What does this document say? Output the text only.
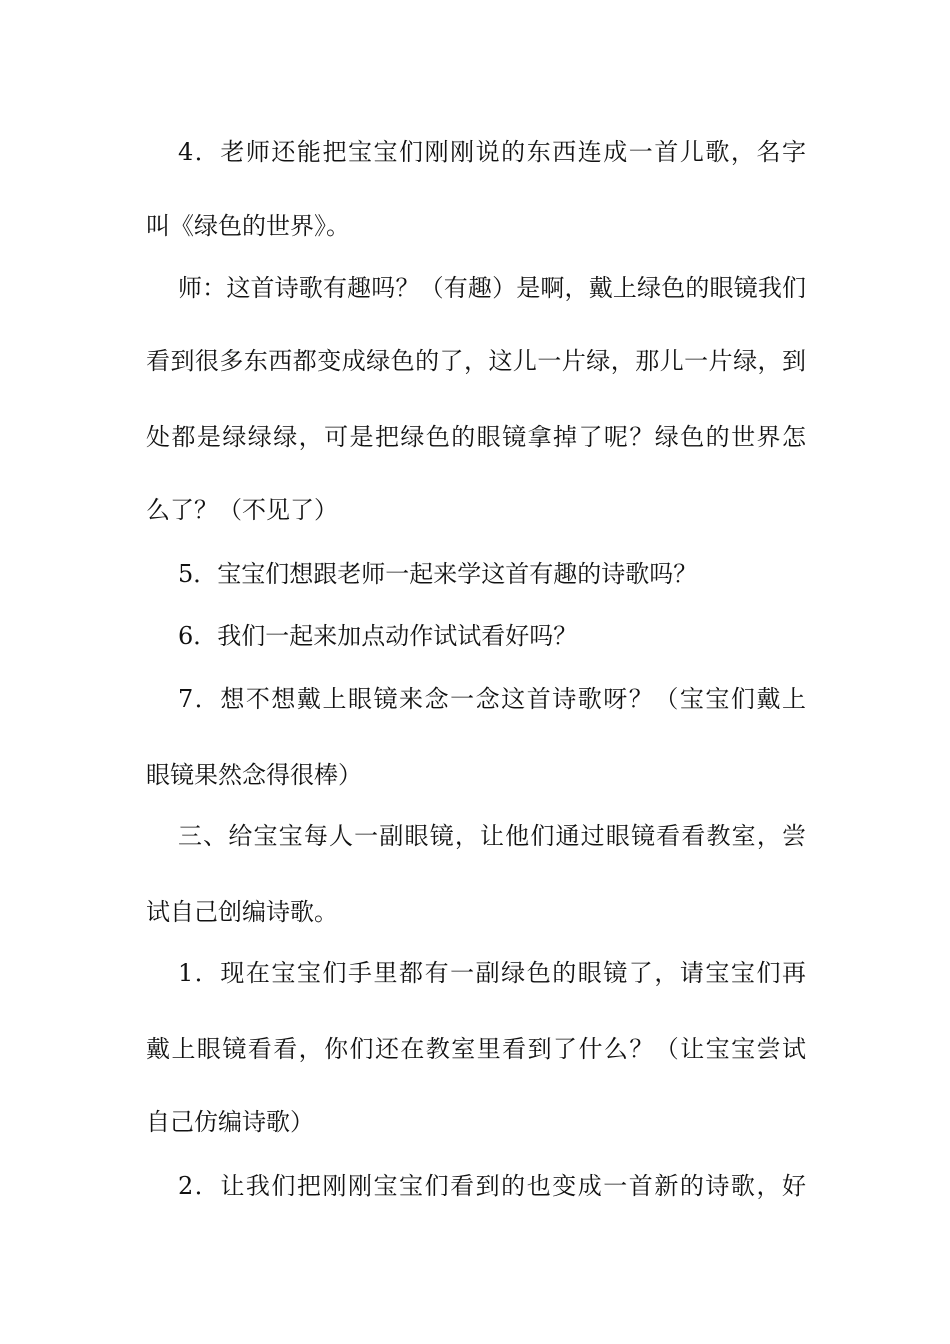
4．老师还能把宝宝们刚刚说的东西连成一首儿歌，名字
叫《绿色的世界》。
师：这首诗歌有趣吗？（有趣）是啊，戴上绿色的眼镜我们
看到很多东西都变成绿色的了，这儿一片绿，那儿一片绿，到
处都是绿绿绿，可是把绿色的眼镜拿掉了呢？绿色的世界怎
么了？（不见了）
5．宝宝们想跟老师一起来学这首有趣的诗歌吗？
6．我们一起来加点动作试试看好吗？
7．想不想戴上眼镜来念一念这首诗歌呀？（宝宝们戴上
眼镜果然念得很棒）
三、给宝宝每人一副眼镜，让他们通过眼镜看看教室，尝
试自己创编诗歌。
1．现在宝宝们手里都有一副绿色的眼镜了，请宝宝们再
戴上眼镜看看，你们还在教室里看到了什么？（让宝宝尝试
自己仿编诗歌）
2．让我们把刚刚宝宝们看到的也变成一首新的诗歌，好
